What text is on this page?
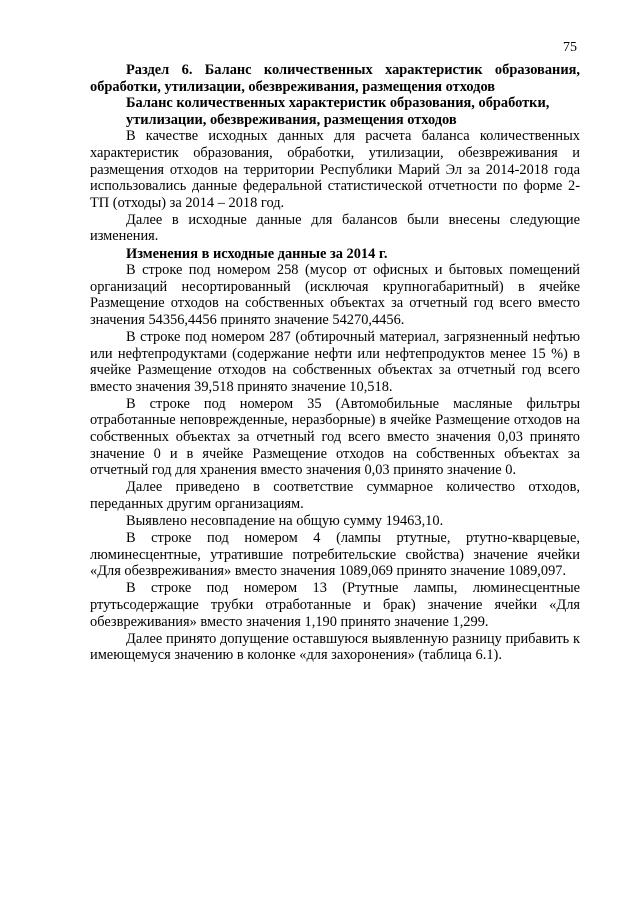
75

Раздел 6. Баланс количественных характеристик образования, обработки, утилизации, обезвреживания, размещения отходов

Баланс количественных характеристик образования, обработки, утилизации, обезвреживания, размещения отходов

В качестве исходных данных для расчета баланса количественных характеристик образования, обработки, утилизации, обезвреживания и размещения отходов на территории Республики Марий Эл за 2014-2018 года использовались данные федеральной статистической отчетности по форме 2-ТП (отходы) за 2014 – 2018 год.

Далее в исходные данные для балансов были внесены следующие изменения.

Изменения в исходные данные за 2014 г.

В строке под номером 258 (мусор от офисных и бытовых помещений организаций несортированный (исключая крупногабаритный) в ячейке Размещение отходов на собственных объектах за отчетный год всего вместо значения 54356,4456 принято значение 54270,4456.

В строке под номером 287 (обтирочный материал, загрязненный нефтью или нефтепродуктами (содержание нефти или нефтепродуктов менее 15 %) в ячейке Размещение отходов на собственных объектах за отчетный год всего вместо значения 39,518 принято значение 10,518.

В строке под номером 35 (Автомобильные масляные фильтры отработанные неповрежденные, неразборные) в ячейке Размещение отходов на собственных объектах за отчетный год всего вместо значения 0,03 принято значение 0 и в ячейке Размещение отходов на собственных объектах за отчетный год для хранения вместо значения 0,03 принято значение 0.

Далее приведено в соответствие суммарное количество отходов, переданных другим организациям.

Выявлено несовпадение на общую сумму 19463,10.

В строке под номером 4 (лампы ртутные, ртутно-кварцевые, люминесцентные, утратившие потребительские свойства) значение ячейки «Для обезвреживания» вместо значения 1089,069 принято значение 1089,097.

В строке под номером 13 (Ртутные лампы, люминесцентные ртутьсодержащие трубки отработанные и брак) значение ячейки «Для обезвреживания» вместо значения 1,190 принято значение 1,299.

Далее принято допущение оставшуюся выявленную разницу прибавить к имеющемуся значению в колонке «для захоронения» (таблица 6.1).
